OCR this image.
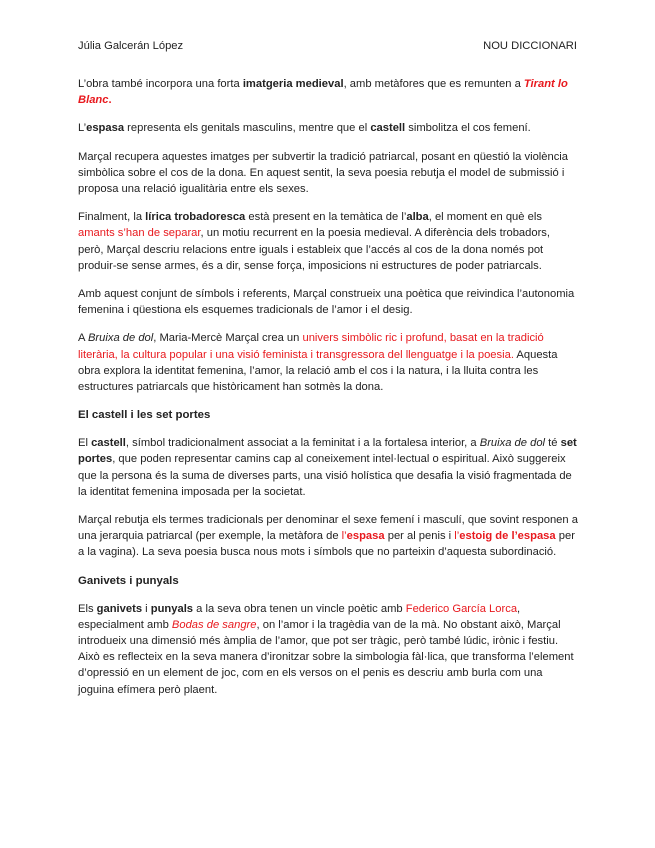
Júlia Galcerán López	NOU DICCIONARI

L’obra també incorpora una forta imatgeria medieval, amb metàfores que es remunten a Tirant lo Blanc.

L’espasa representa els genitals masculins, mentre que el castell simbolitza el cos femení.

Marçal recupera aquestes imatges per subvertir la tradició patriarcal, posant en qüestió la violència simbòlica sobre el cos de la dona. En aquest sentit, la seva poesia rebutja el model de submissió i proposa una relació igualitària entre els sexes.

Finalment, la lírica trobadoresca està present en la temàtica de l’alba, el moment en què els amants s’han de separar, un motiu recurrent en la poesia medieval. A diferència dels trobadors, però, Marçal descriu relacions entre iguals i estableix que l’accés al cos de la dona només pot produir-se sense armes, és a dir, sense força, imposicions ni estructures de poder patriarcals.

Amb aquest conjunt de símbols i referents, Marçal construeix una poètica que reivindica l’autonomia femenina i qüestiona els esquemes tradicionals de l’amor i el desig.

A Bruixa de dol, Maria-Mercè Marçal crea un univers simbòlic ric i profund, basat en la tradició literària, la cultura popular i una visió feminista i transgressora del llenguatge i la poesia. Aquesta obra explora la identitat femenina, l’amor, la relació amb el cos i la natura, i la lluita contra les estructures patriarcals que històricament han sotmès la dona.

El castell i les set portes

El castell, símbol tradicionalment associat a la feminitat i a la fortalesa interior, a Bruixa de dol té set portes, que poden representar camins cap al coneixement intel·lectual o espiritual. Això suggereix que la persona és la suma de diverses parts, una visió holística que desafia la visió fragmentada de la identitat femenina imposada per la societat.

Marçal rebutja els termes tradicionals per denominar el sexe femení i masculí, que sovint responen a una jerarquia patriarcal (per exemple, la metàfora de l’espasa per al penis i l’estoig de l’espasa per a la vagina). La seva poesia busca nous mots i símbols que no parteixin d’aquesta subordinació.

Ganivets i punyals

Els ganivets i punyals a la seva obra tenen un vincle poètic amb Federico García Lorca, especialment amb Bodas de sangre, on l’amor i la tragèdia van de la mà. No obstant això, Marçal introdueix una dimensió més àmplia de l’amor, que pot ser tràgic, però també lúdic, irònic i festiu. Això es reflecteix en la seva manera d’ironitzar sobre la simbologia fàl·lica, que transforma l’element d’opressió en un element de joc, com en els versos on el penis es descriu amb burla com una joguina efímera però plaent.
